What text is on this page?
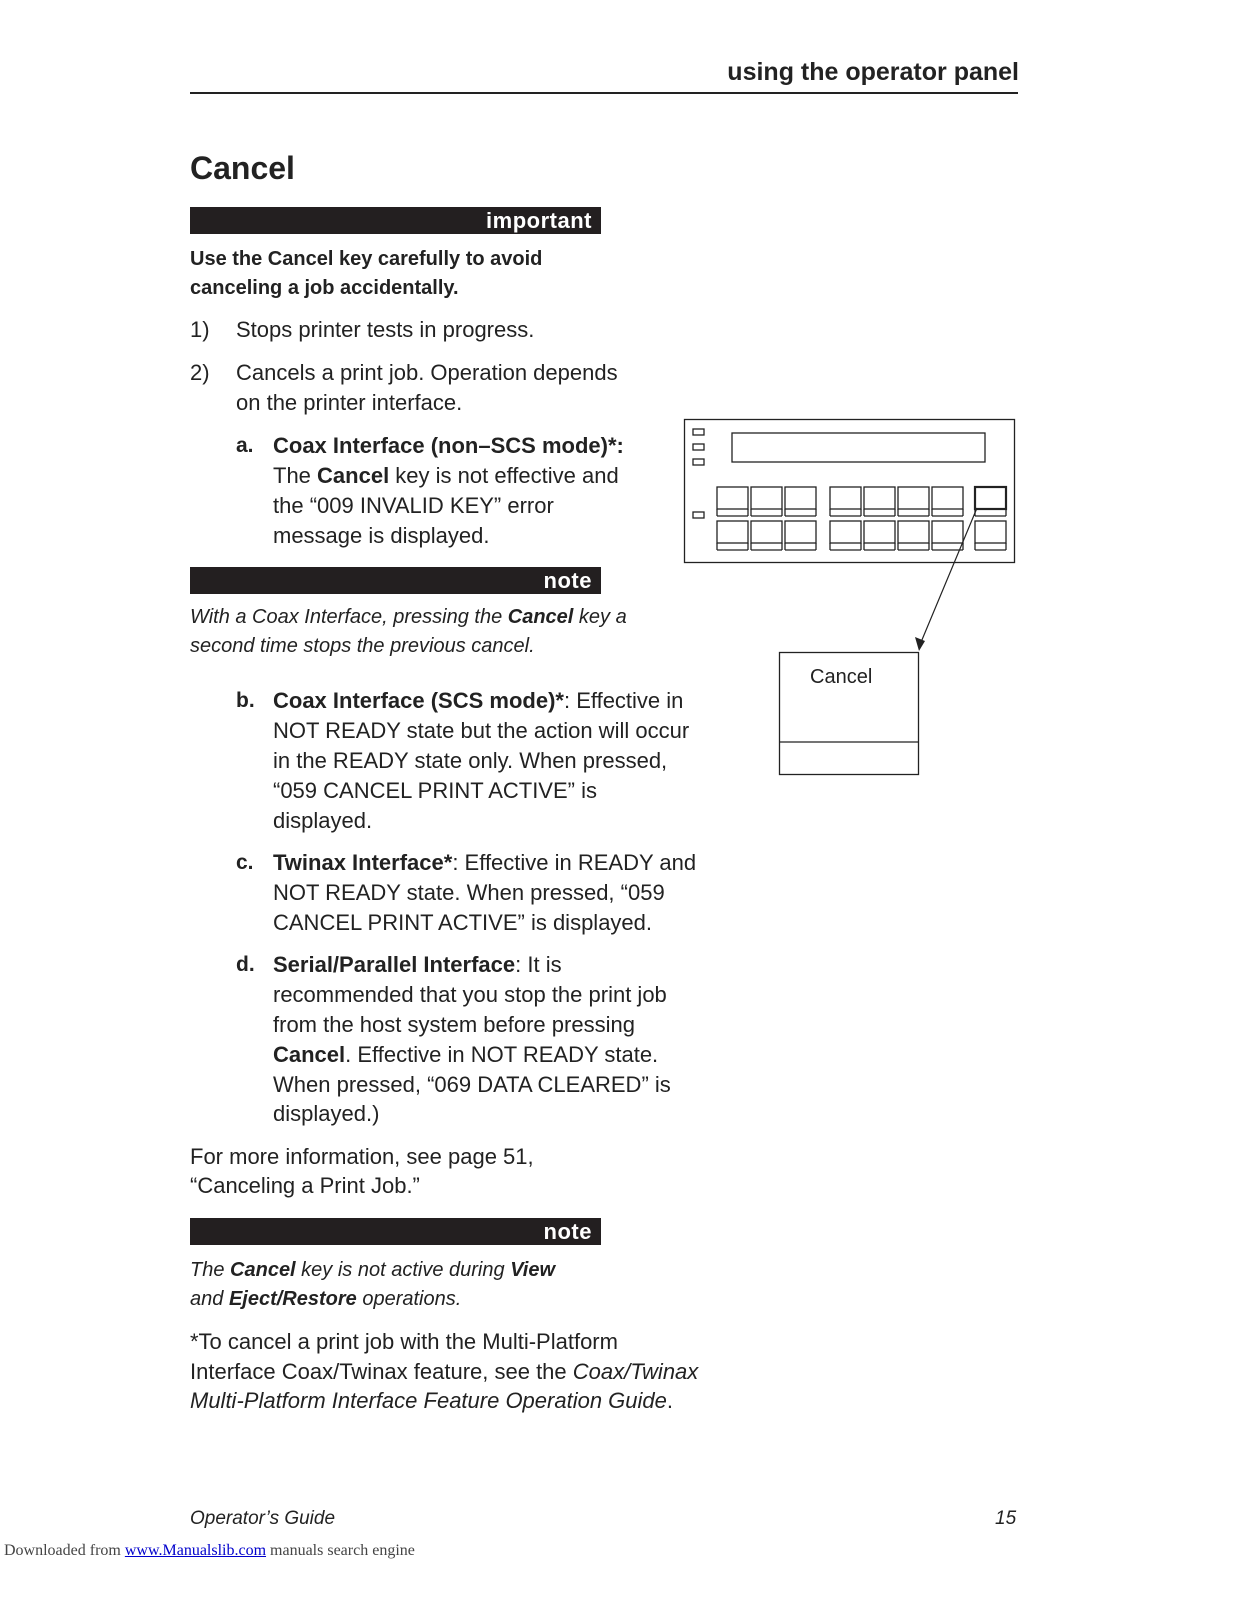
using the operator panel
Cancel
important
Use the Cancel key carefully to avoid
canceling a job accidentally.
1) Stops printer tests in progress.
2) Cancels a print job. Operation depends
on the printer interface.
a. Coax Interface (non–SCS mode)*:
The Cancel key is not effective and
the “009 INVALID KEY” error
message is displayed.
note
With a Coax Interface, pressing the Cancel key a
second time stops the previous cancel.
b. Coax Interface (SCS mode)*: Effective in
NOT READY state but the action will occur
in the READY state only. When pressed,
“059 CANCEL PRINT ACTIVE” is
displayed.
c. Twinax Interface*: Effective in READY and
NOT READY state. When pressed, “059
CANCEL PRINT ACTIVE” is displayed.
d. Serial/Parallel Interface: It is
recommended that you stop the print job
from the host system before pressing
Cancel. Effective in NOT READY state.
When pressed, “069 DATA CLEARED” is
displayed.)
For more information, see page 51,
“Canceling a Print Job.”
note
The Cancel key is not active during View
and Eject/Restore operations.
*To cancel a print job with the Multi-Platform
Interface Coax/Twinax feature, see the Coax/Twinax
Multi-Platform Interface Feature Operation Guide.
Cancel
Operator’s Guide	15
Downloaded from www.Manualslib.com manuals search engine
